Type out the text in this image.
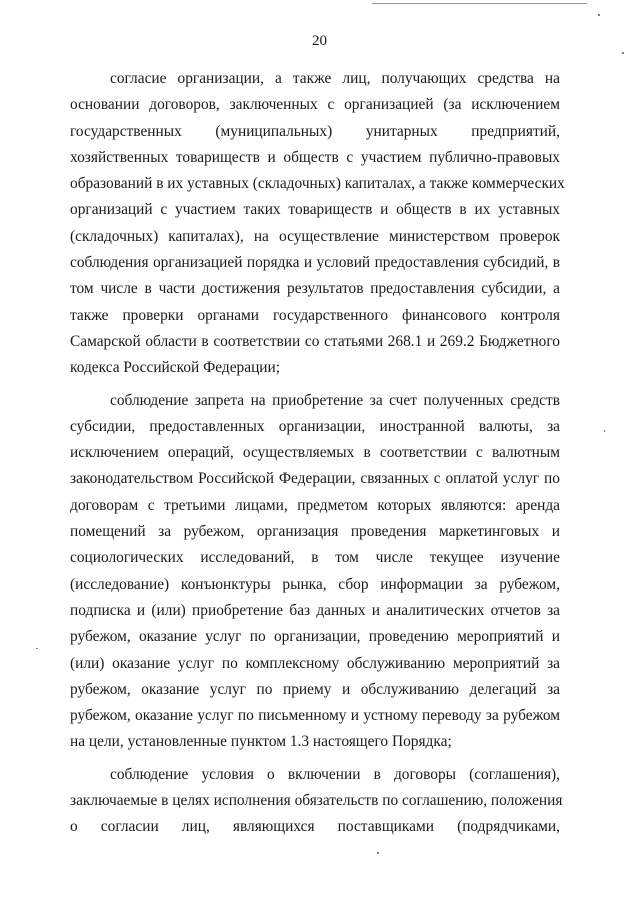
20
согласие организации, а также лиц, получающих средства на
основании договоров, заключенных с организацией (за исключением
государственных (муниципальных) унитарных предприятий,
хозяйственных товариществ и обществ с участием публично-правовых
образований в их уставных (складочных) капиталах, а также коммерческих
организаций с участием таких товариществ и обществ в их уставных
(складочных) капиталах), на осуществление министерством проверок
соблюдения организацией порядка и условий предоставления субсидий, в
том числе в части достижения результатов предоставления субсидии, а
также проверки органами государственного финансового контроля
Самарской области в соответствии со статьями 268.1 и 269.2 Бюджетного
кодекса Российской Федерации;
соблюдение запрета на приобретение за счет полученных средств
субсидии, предоставленных организации, иностранной валюты, за
исключением операций, осуществляемых в соответствии с валютным
законодательством Российской Федерации, связанных с оплатой услуг по
договорам с третьими лицами, предметом которых являются: аренда
помещений за рубежом, организация проведения маркетинговых и
социологических исследований, в том числе текущее изучение
(исследование) конъюнктуры рынка, сбор информации за рубежом,
подписка и (или) приобретение баз данных и аналитических отчетов за
рубежом, оказание услуг по организации, проведению мероприятий и
(или) оказание услуг по комплексному обслуживанию мероприятий за
рубежом, оказание услуг по приему и обслуживанию делегаций за
рубежом, оказание услуг по письменному и устному переводу за рубежом
на цели, установленные пунктом 1.3 настоящего Порядка;
соблюдение условия о включении в договоры (соглашения),
заключаемые в целях исполнения обязательств по соглашению, положения
о согласии лиц, являющихся поставщиками (подрядчиками,
